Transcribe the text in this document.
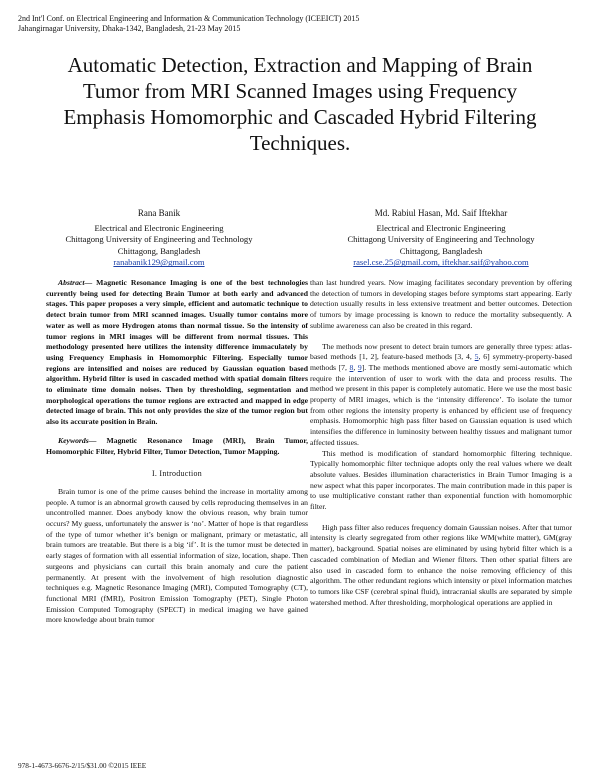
2nd Int'l Conf. on Electrical Engineering and Information & Communication Technology (ICEEICT) 2015
Jahangirnagar University, Dhaka-1342, Bangladesh, 21-23 May 2015
Automatic Detection, Extraction and Mapping of Brain Tumor from MRI Scanned Images using Frequency Emphasis Homomorphic and Cascaded Hybrid Filtering Techniques.
Rana Banik
Electrical and Electronic Engineering
Chittagong University of Engineering and Technology
Chittagong, Bangladesh
ranabanik129@gmail.com
Md. Rabiul Hasan, Md. Saif Iftekhar
Electrical and Electronic Engineering
Chittagong University of Engineering and Technology
Chittagong, Bangladesh
rasel.cse.25@gmail.com, iftekhar.saif@yahoo.com

Abstract— Magnetic Resonance Imaging is one of the best technologies currently being used for detecting Brain Tumor at both early and advanced stages. This paper proposes a very simple, efficient and automatic technique to detect brain tumor from MRI scanned images. Usually tumor contains more water as well as more Hydrogen atoms than normal tissue. So the intensity of tumor regions in MRI images will be different from normal tissues. This methodology presented here utilizes the intensity difference immaculately by using Frequency Emphasis in Homomorphic Filtering. Especially tumor regions are intensified and noises are reduced by Gaussian equation based algorithm. Hybrid filter is used in cascaded method with spatial domain filters to eliminate time domain noises. Then by thresholding, segmentation and morphological operations the tumor regions are extracted and mapped in edge detected image of brain. This not only provides the size of the tumor region but also its accurate position in Brain.

Keywords— Magnetic Resonance Image (MRI), Brain Tumor, Homomorphic Filter, Hybrid Filter, Tumor Detection, Tumor Mapping.

I. Introduction

Brain tumor is one of the prime causes behind the increase in mortality among people. A tumor is an abnormal growth caused by cells reproducing themselves in an uncontrolled manner. Does anybody know the obvious reason, why brain tumor occurs? My guess, unfortunately the answer is ‘no’. Matter of hope is that regardless of the type of tumor whether it’s benign or malignant, primary or metastatic, all brain tumors are treatable. But there is a big ‘if’. It is the tumor must be detected in early stages of formation with all essential information of size, location, shape. Then surgeons and physicians can curtail this brain anomaly and cure the patient permanently. At present with the involvement of high resolution diagnostic techniques e.g. Magnetic Resonance Imaging (MRI), Computed Tomography (CT), functional MRI (fMRI), Positron Emission Tomography (PET), Single Photon Emission Computed Tomography (SPECT) in medical imaging we have gained more knowledge about brain tumor

than last hundred years. Now imaging facilitates secondary prevention by offering the detection of tumors in developing stages before symptoms start appearing. Early detection usually results in less extensive treatment and better outcomes. Detection of tumors by image processing is known to reduce the mortality subsequently. A sublime awareness can also be created in this regard.

The methods now present to detect brain tumors are generally three types: atlas-based methods [1, 2], feature-based methods [3, 4, 5, 6] symmetry-property-based methods [7, 8, 9]. The methods mentioned above are mostly semi-automatic which require the intervention of user to work with the data and process results. The method we present in this paper is completely automatic. Here we use the most basic property of MRI images, which is the ‘intensity difference’. To isolate the tumor from other regions the intensity property is enhanced by efficient use of frequency emphasis. Homomorphic high pass filter based on Gaussian equation is used which intensifies the difference in luminosity between healthy tissues and malignant tumor affected tissues.

This method is modification of standard homomorphic filtering technique. Typically homomorphic filter technique adopts only the real values where we dealt absolute values. Besides illumination characteristics in Brain Tumor Imaging is a new aspect what this paper incorporates. The main contribution made in this paper is to use multiplicative constant rather than exponential function with homomorphic filter.

High pass filter also reduces frequency domain Gaussian noises. After that tumor intensity is clearly segregated from other regions like WM(white matter), GM(gray matter), background. Spatial noises are eliminated by using hybrid filter which is a cascaded combination of Median and Wiener filters. Then other spatial filters are also used in cascaded form to enhance the noise removing efficiency of this algorithm. The other redundant regions which intensity or pixel information matches to tumors like CSF (cerebral spinal fluid), intracranial skulls are separated by simple watershed method. After thresholding, morphological operations are applied in

978-1-4673-6676-2/15/$31.00 ©2015 IEEE
